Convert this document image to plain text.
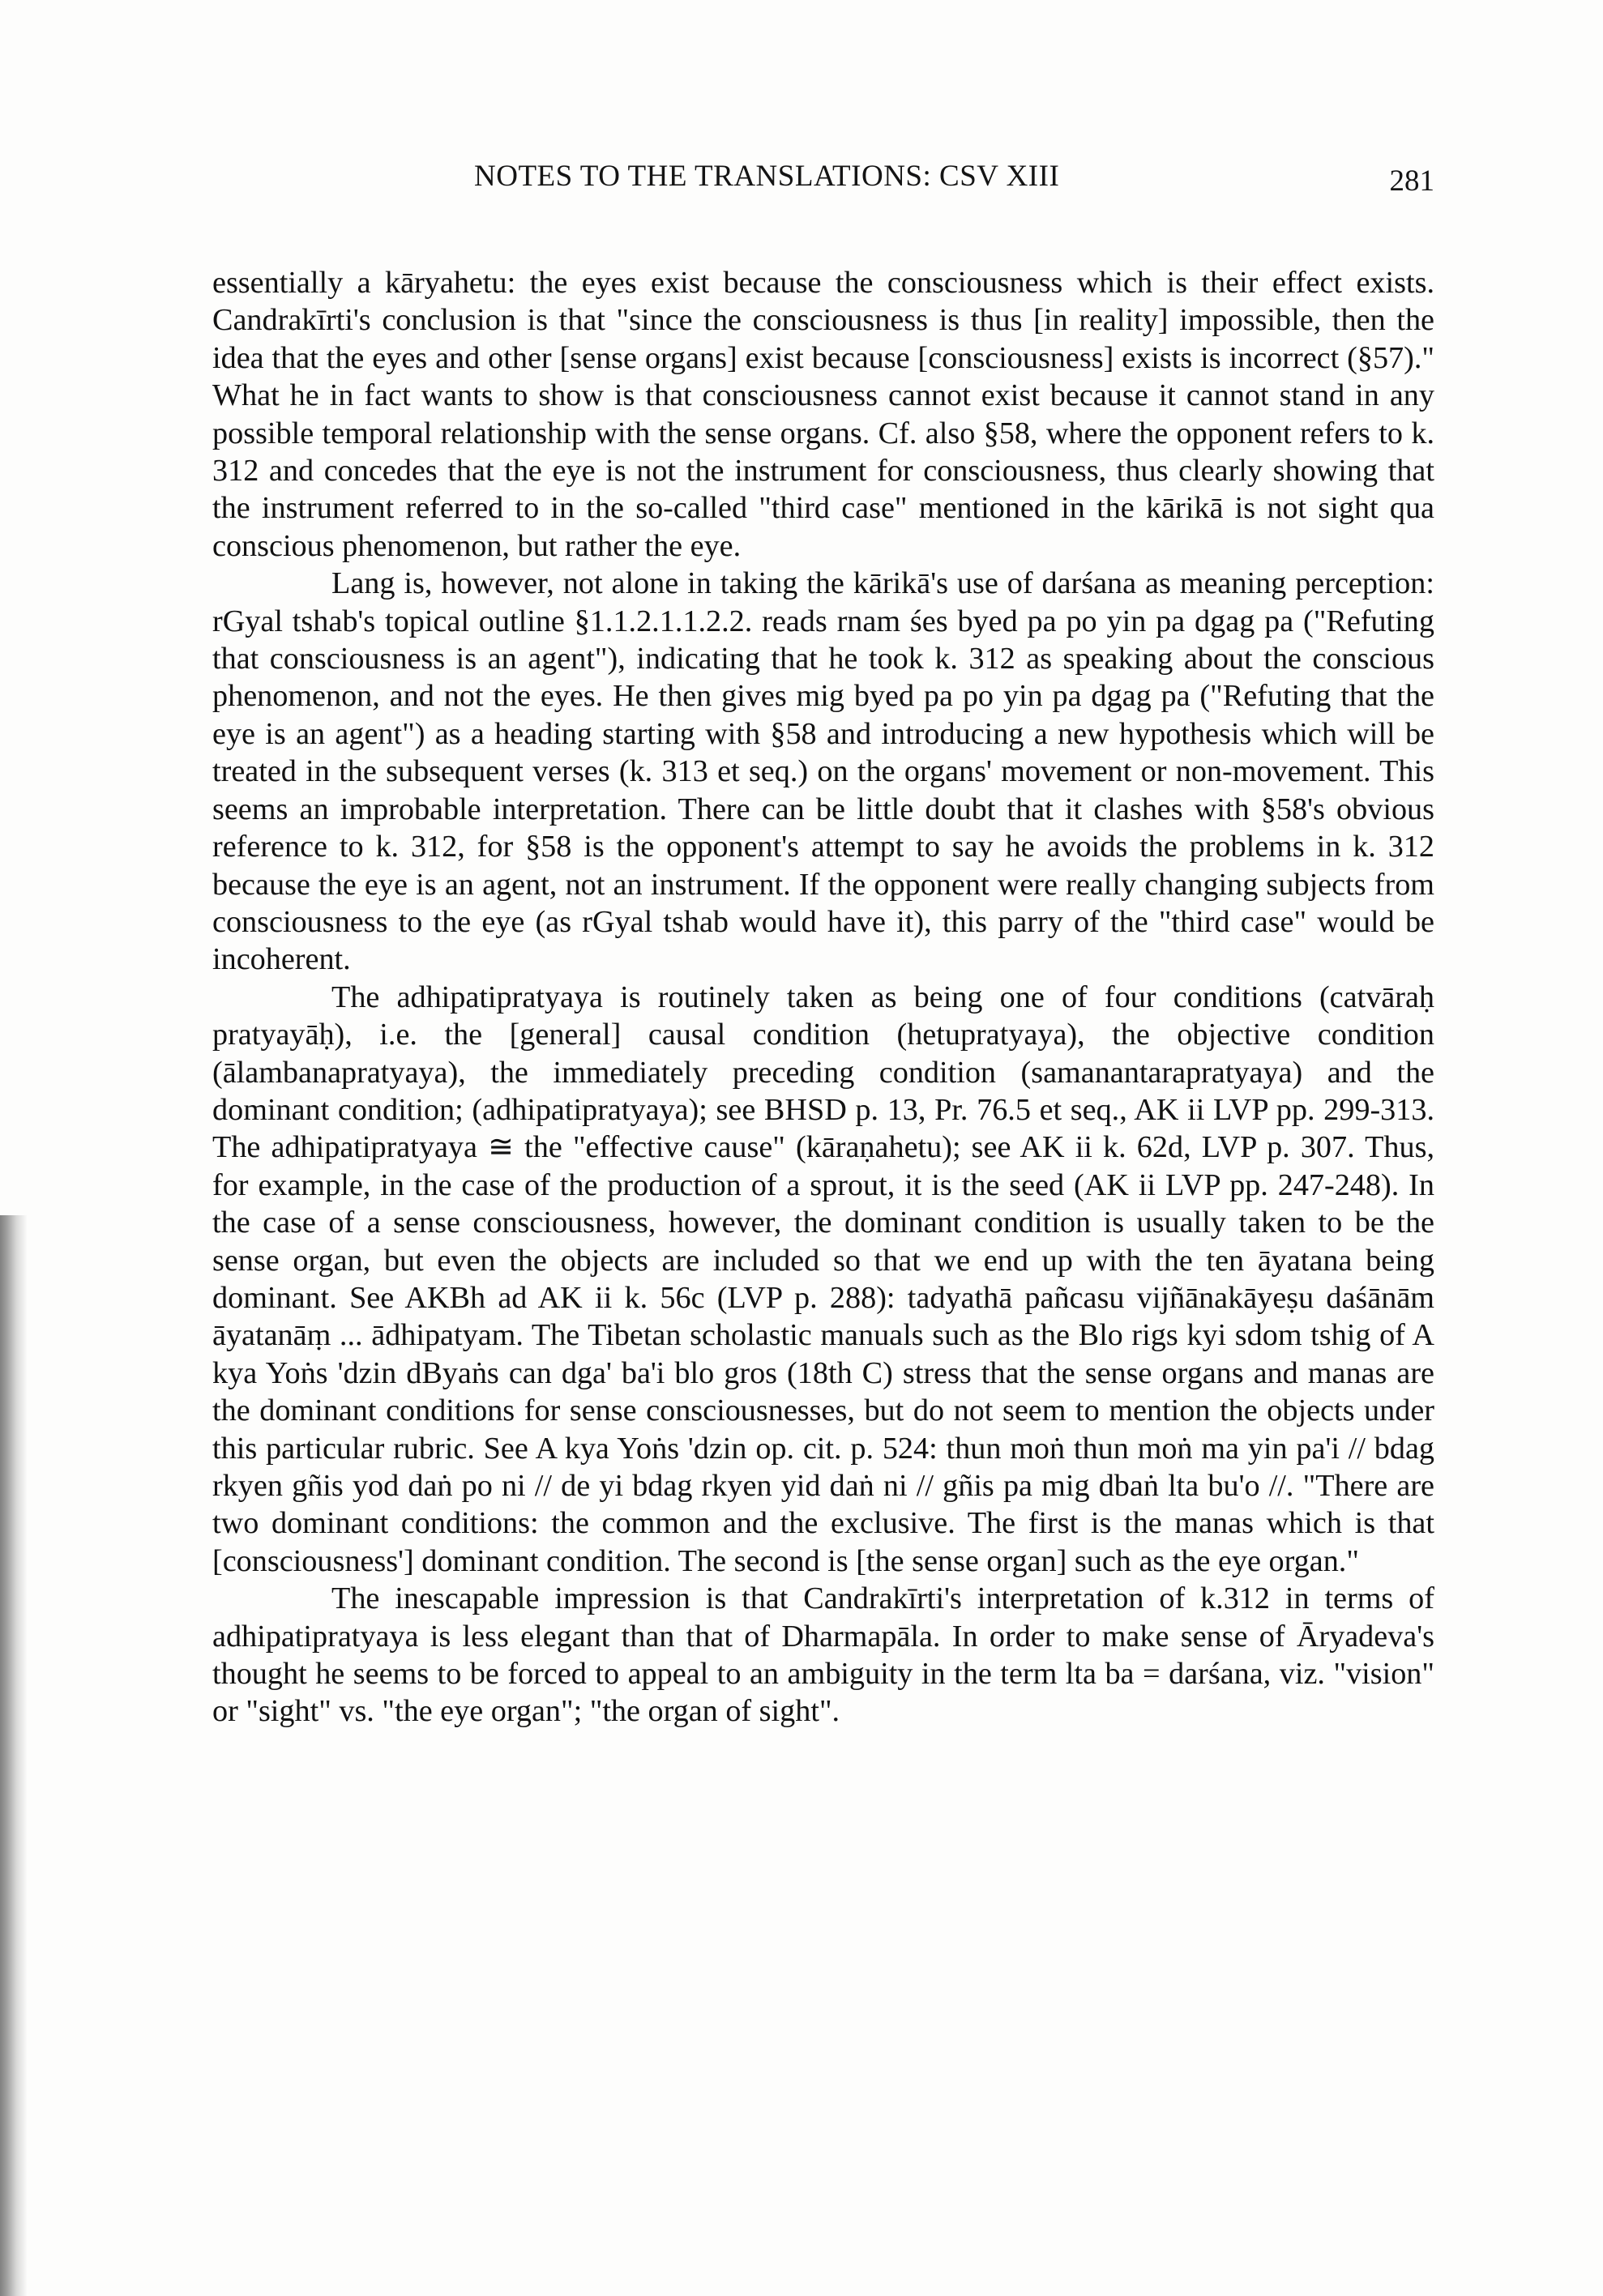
NOTES TO THE TRANSLATIONS: CSV XIII	281

essentially a kāryahetu: the eyes exist because the consciousness which is their effect exists. Candrakīrti's conclusion is that "since the consciousness is thus [in reality] impossible, then the idea that the eyes and other [sense organs] exist because [consciousness] exists is incorrect (§57)." What he in fact wants to show is that consciousness cannot exist because it cannot stand in any possible temporal relationship with the sense organs. Cf. also §58, where the opponent refers to k. 312 and concedes that the eye is not the instrument for consciousness, thus clearly showing that the instrument referred to in the so-called "third case" mentioned in the kārikā is not sight qua conscious phenomenon, but rather the eye.

Lang is, however, not alone in taking the kārikā's use of darśana as meaning perception: rGyal tshab's topical outline §1.1.2.1.1.2.2. reads rnam śes byed pa po yin pa dgag pa ("Refuting that consciousness is an agent"), indicating that he took k. 312 as speaking about the conscious phenomenon, and not the eyes. He then gives mig byed pa po yin pa dgag pa ("Refuting that the eye is an agent") as a heading starting with §58 and introducing a new hypothesis which will be treated in the subsequent verses (k. 313 et seq.) on the organs' movement or non-movement. This seems an improbable interpretation. There can be little doubt that it clashes with §58's obvious reference to k. 312, for §58 is the opponent's attempt to say he avoids the problems in k. 312 because the eye is an agent, not an instrument. If the opponent were really changing subjects from consciousness to the eye (as rGyal tshab would have it), this parry of the "third case" would be incoherent.

The adhipatipratyaya is routinely taken as being one of four conditions (catvāraḥ pratyayāḥ), i.e. the [general] causal condition (hetupratyaya), the objective condition (ālambanapratyaya), the immediately preceding condition (samanantarapratyaya) and the dominant condition; (adhipatipratyaya); see BHSD p. 13, Pr. 76.5 et seq., AK ii LVP pp. 299-313. The adhipatipratyaya ≅ the "effective cause" (kāraṇahetu); see AK ii k. 62d, LVP p. 307. Thus, for example, in the case of the production of a sprout, it is the seed (AK ii LVP pp. 247-248). In the case of a sense consciousness, however, the dominant condition is usually taken to be the sense organ, but even the objects are included so that we end up with the ten āyatana being dominant. See AKBh ad AK ii k. 56c (LVP p. 288): tadyathā pañcasu vijñānakāyeṣu daśānām āyatanāṃ ... ādhipatyam. The Tibetan scholastic manuals such as the Blo rigs kyi sdom tshig of A kya Yoṅs 'dzin dByaṅs can dga' ba'i blo gros (18th C) stress that the sense organs and manas are the dominant conditions for sense consciousnesses, but do not seem to mention the objects under this particular rubric. See A kya Yoṅs 'dzin op. cit. p. 524: thun moṅ thun moṅ ma yin pa'i // bdag rkyen gñis yod daṅ po ni // de yi bdag rkyen yid daṅ ni // gñis pa mig dbaṅ lta bu'o //. "There are two dominant conditions: the common and the exclusive. The first is the manas which is that [consciousness'] dominant condition. The second is [the sense organ] such as the eye organ."

The inescapable impression is that Candrakīrti's interpretation of k.312 in terms of adhipatipratyaya is less elegant than that of Dharmapāla. In order to make sense of Āryadeva's thought he seems to be forced to appeal to an ambiguity in the term lta ba = darśana, viz. "vision" or "sight" vs. "the eye organ"; "the organ of sight".
